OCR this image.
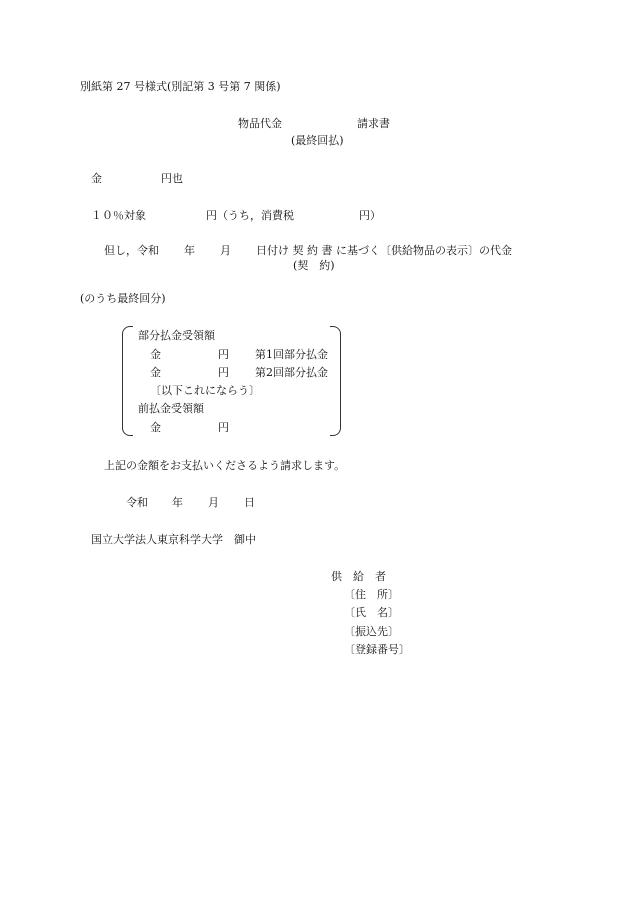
別紙第 27 号様式(別記第 3 号第 7 関係)
物品代金	請求書
(最終回払)
金	円也
１０％対象	円（うち，消費税	円）
但し，令和 年 月 日付け 契 約 書 に基づく〔供給物品の表示〕の代金
(契　約)
(のうち最終回分)
部分払金受領額
金	円 第1回部分払金
金	円 第2回部分払金
〔以下これにならう〕
前払金受領額
金	円
上記の金額をお支払いくださるよう請求します。
令和 年 月 日
国立大学法人東京科学大学　御中
供　給　者
〔住　所〕
〔氏　名〕
〔振込先〕
〔登録番号〕
